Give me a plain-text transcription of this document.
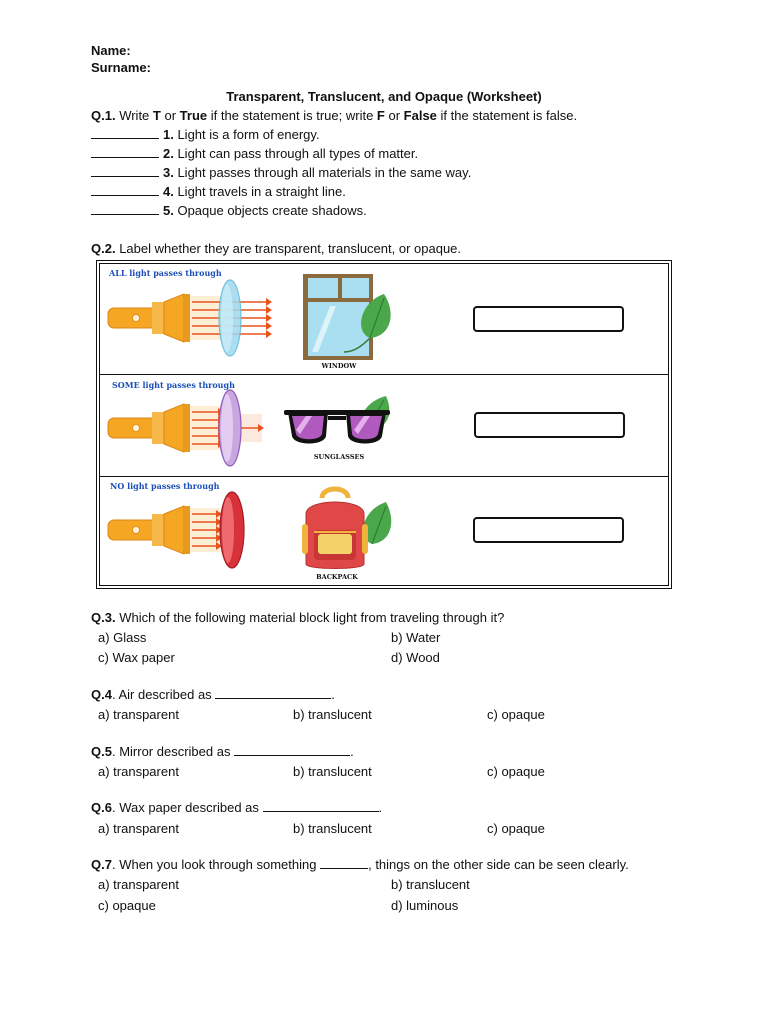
Name:
Surname:
Transparent, Translucent, and Opaque (Worksheet)
Q.1. Write T or True if the statement is true; write F or False if the statement is false.
1. Light is a form of energy.
2. Light can pass through all types of matter.
3. Light passes through all materials in the same way.
4. Light travels in a straight line.
5. Opaque objects create shadows.
Q.2. Label whether they are transparent, translucent, or opaque.
ALL light passes through
WINDOW
SOME light passes through
SUNGLASSES
NO light passes through
BACKPACK
Q.3. Which of the following material block light from traveling through it?
a) Glass	b) Water
c) Wax paper	d) Wood
Q.4. Air described as	.
a) transparent	b) translucent	c) opaque
Q.5. Mirror described as	.
a) transparent	b) translucent	c) opaque
Q.6. Wax paper described as	.
a) transparent	b) translucent	c) opaque
Q.7. When you look through something	, things on the other side can be seen clearly.
a) transparent	b) translucent
c) opaque	d) luminous
